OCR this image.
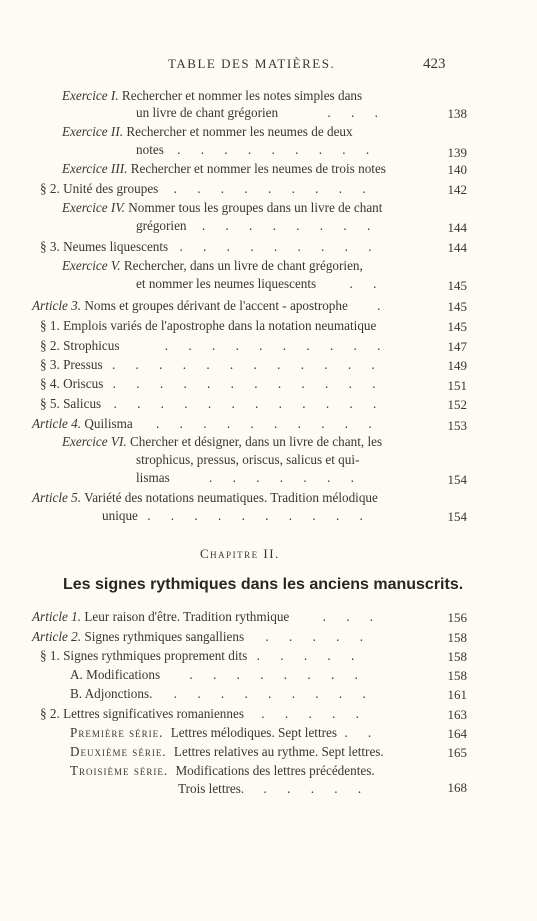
TABLE DES MATIÈRES.	423
Exercice I. Rechercher et nommer les notes simples dans
un livre de chant grégorien	. . .	138
Exercice II. Rechercher et nommer les neumes de deux
notes . . . . . . . . .	139
Exercice III. Rechercher et nommer les neumes de trois notes	140
§ 2. Unité des groupes . . . . . . . . .	142
Exercice IV. Nommer tous les groupes dans un livre de chant
grégorien . . . . . . . .	144
§ 3. Neumes liquescents . . . . . . . . .	144
Exercice V. Rechercher, dans un livre de chant grégorien,
et nommer les neumes liquescents	. .	145
Article 3. Noms et groupes dérivant de l'accent - apostrophe .	145
§ 1. Emplois variés de l'apostrophe dans la notation neumatique	145
§ 2. Strophicus	. . . . . . . . . .	147
§ 3. Pressus . . . . . . . . . . . .	149
§ 4. Oriscus . . . . . . . . . . . .	151
§ 5. Salicus . . . . . . . . . . . .	152
Article 4. Quilisma . . . . . . . . . .	153
Exercice VI. Chercher et désigner, dans un livre de chant, les
strophicus, pressus, oriscus, salicus et qui-
lismas	. . . . . . .	154
Article 5. Variété des notations neumatiques. Tradition mélodique
unique . . . . . . . . . .	154
Chapitre II.
Les signes rythmiques dans les anciens manuscrits.
Article 1. Leur raison d'être. Tradition rythmique	. . .	156
Article 2. Signes rythmiques sangalliens . . . . .	158
§ 1. Signes rythmiques proprement dits . . . . .	158
A. Modifications . . . . . . . .	158
B. Adjonctions. . . . . . . . . .	161
§ 2. Lettres significatives romaniennes . . . . .	163
Première série. Lettres mélodiques. Sept lettres . .	164
Deuxième série. Lettres relatives au rythme. Sept lettres.	165
Troisième série. Modifications des lettres précédentes.
Trois lettres. . . . . .	168
